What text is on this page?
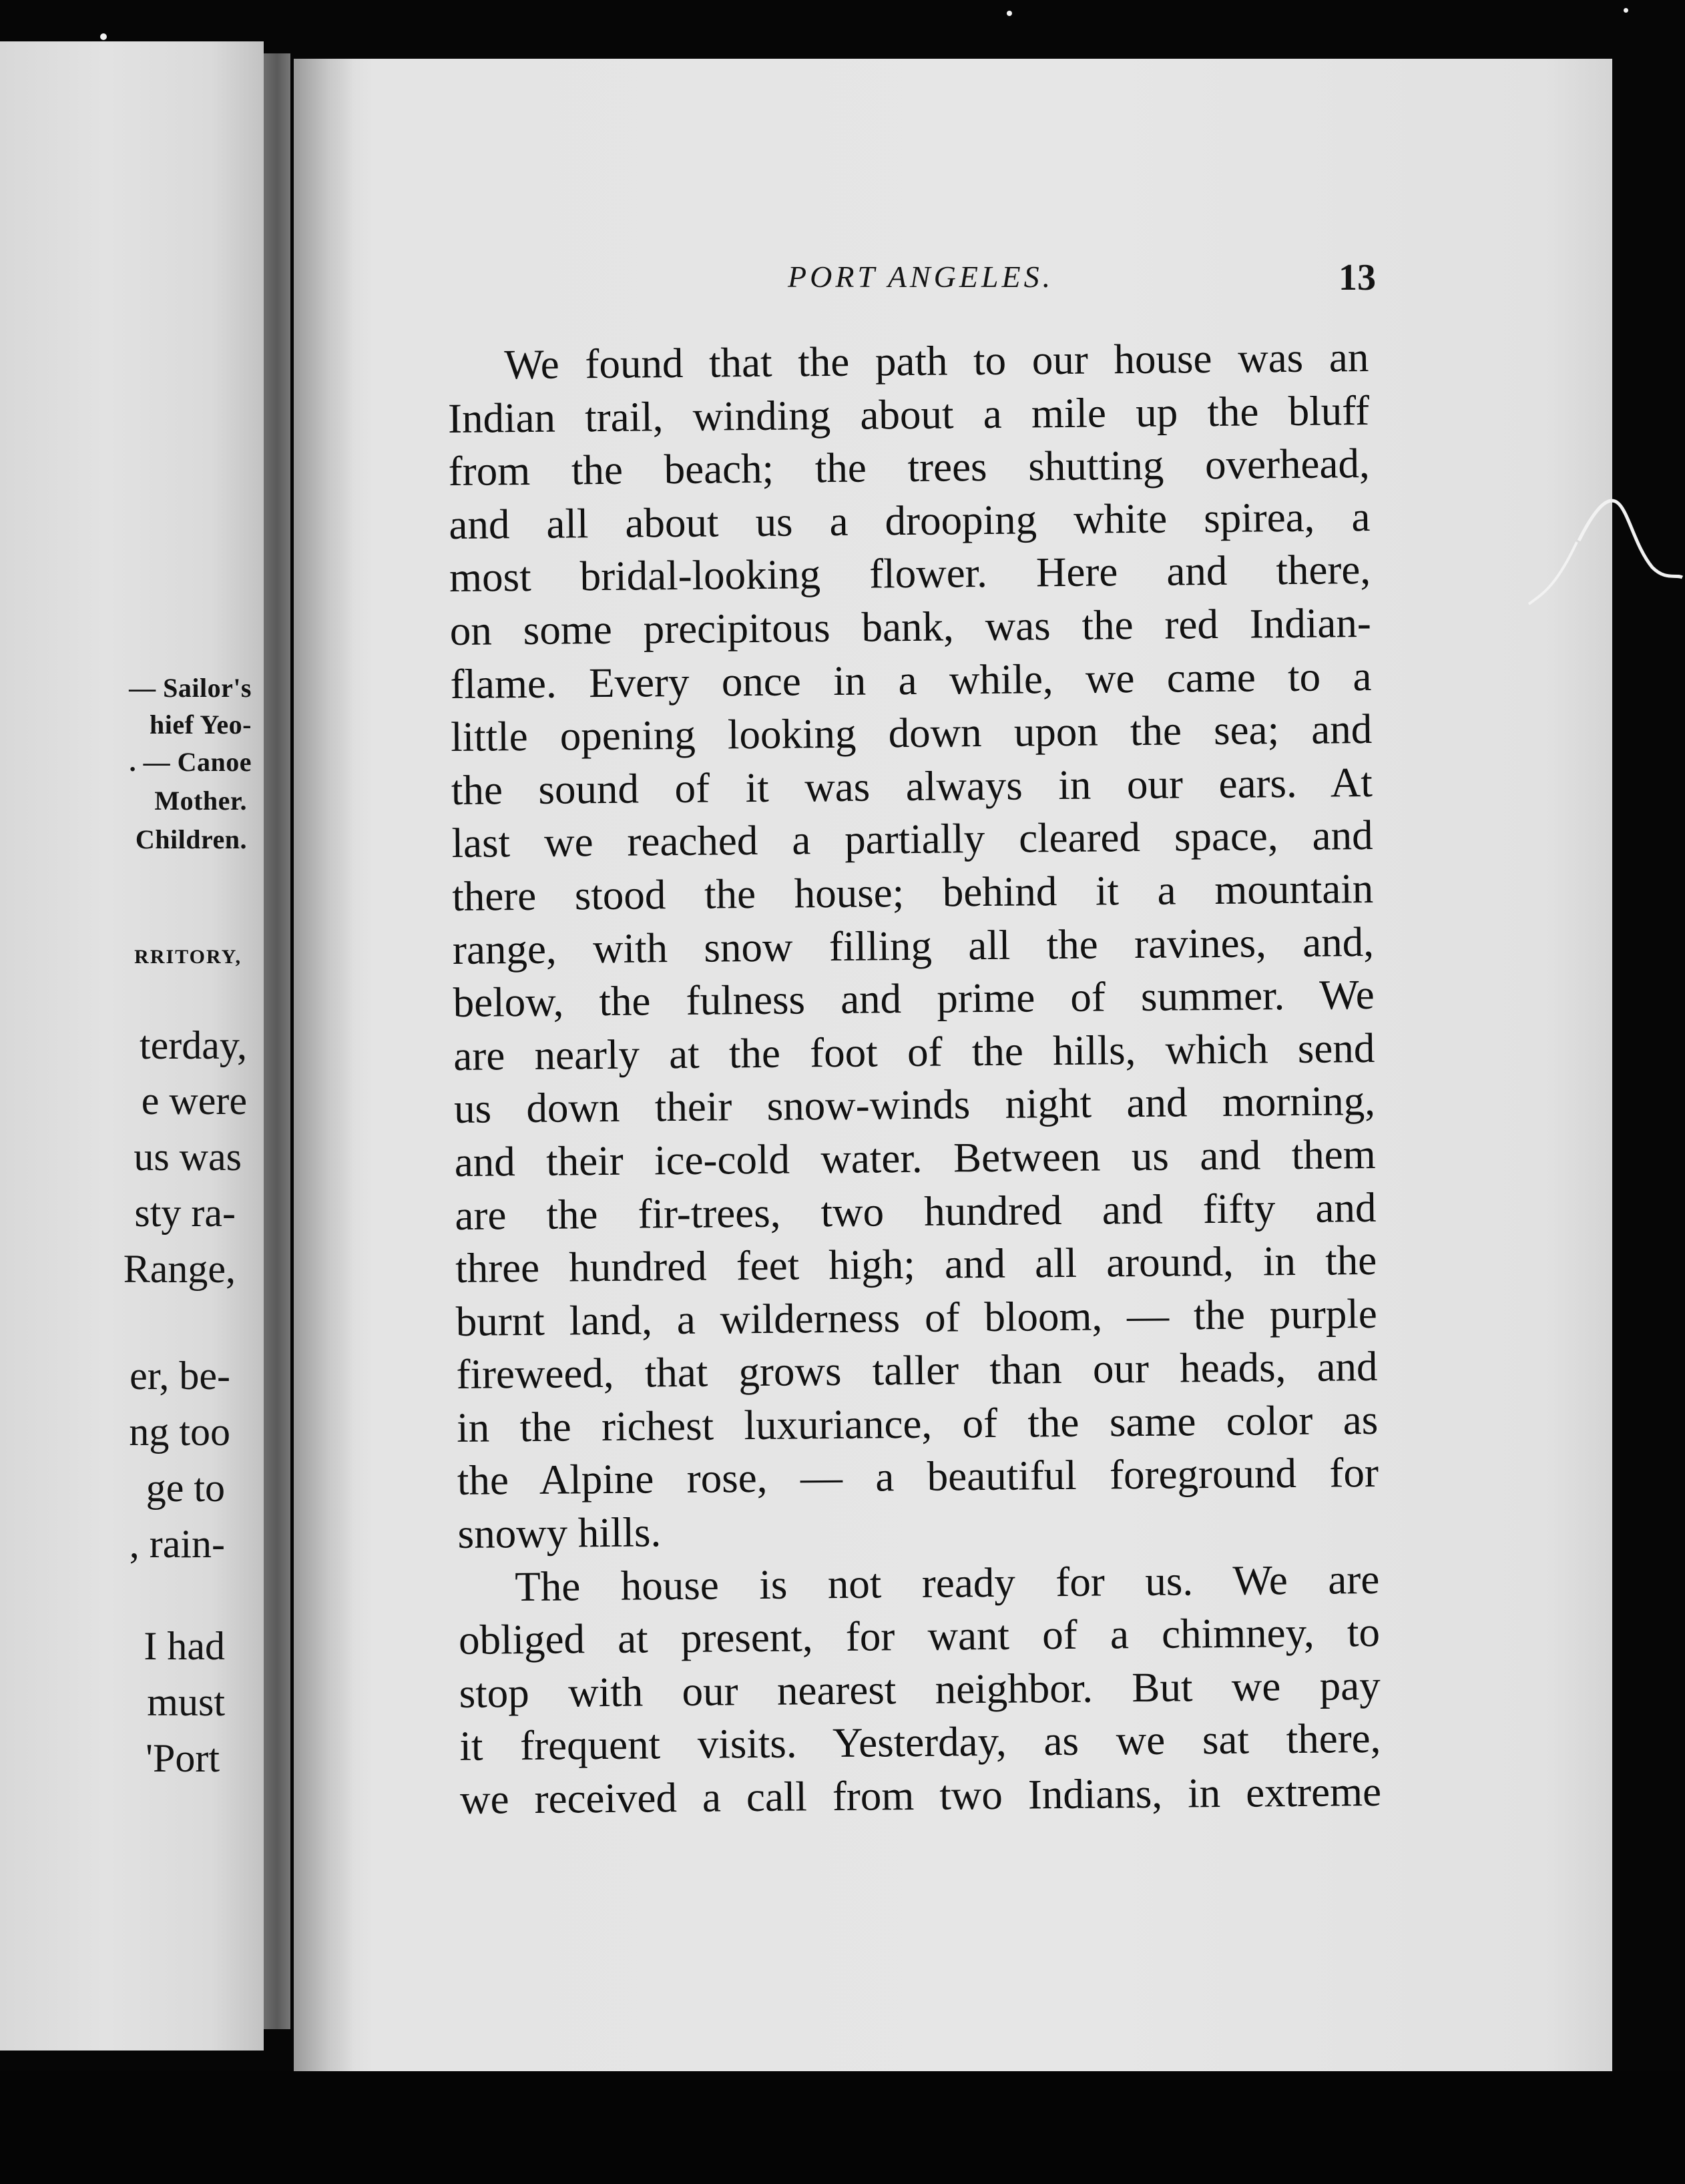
— Sailor's

hief Yeo-

. — Canoe

Mother.

Children.

RRITORY,

terday,

e were

us was

sty ra-

Range,

er, be-

ng too

ge to

, rain-

I had

must

'Port

PORT ANGELES.	13

We found that the path to our house was an
Indian trail, winding about a mile up the bluff
from the beach; the trees shutting overhead,
and all about us a drooping white spirea, a
most bridal-looking flower. Here and there,
on some precipitous bank, was the red Indian-
flame. Every once in a while, we came to a
little opening looking down upon the sea; and
the sound of it was always in our ears. At
last we reached a partially cleared space, and
there stood the house; behind it a mountain
range, with snow filling all the ravines, and,
below, the fulness and prime of summer. We
are nearly at the foot of the hills, which send
us down their snow-winds night and morning,
and their ice-cold water. Between us and them
are the fir-trees, two hundred and fifty and
three hundred feet high; and all around, in the
burnt land, a wilderness of bloom, — the purple
fireweed, that grows taller than our heads, and
in the richest luxuriance, of the same color as
the Alpine rose, — a beautiful foreground for
snowy hills.
The house is not ready for us. We are
obliged at present, for want of a chimney, to
stop with our nearest neighbor. But we pay
it frequent visits. Yesterday, as we sat there,
we received a call from two Indians, in extreme
